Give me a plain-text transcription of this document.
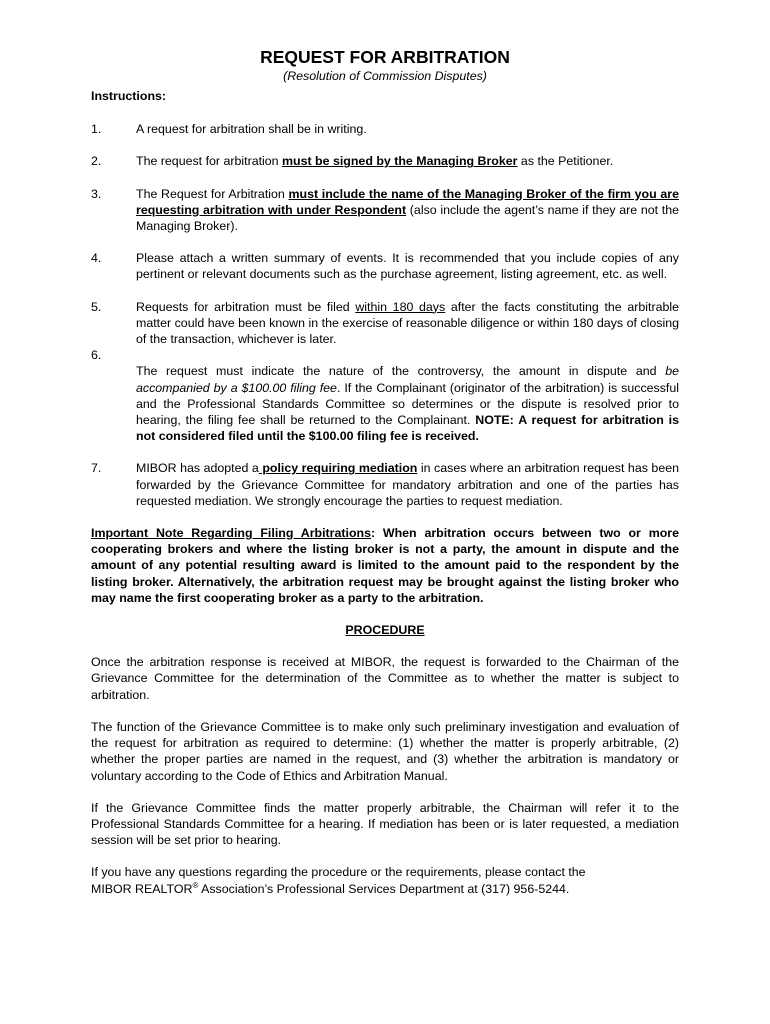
REQUEST FOR ARBITRATION
(Resolution of Commission Disputes)
Instructions:
1.	A request for arbitration shall be in writing.
2.	The request for arbitration must be signed by the Managing Broker as the Petitioner.
3.	The Request for Arbitration must include the name of the Managing Broker of the firm you are requesting arbitration with under Respondent (also include the agent’s name if they are not the Managing Broker).
4.	Please attach a written summary of events. It is recommended that you include copies of any pertinent or relevant documents such as the purchase agreement, listing agreement, etc. as well.
5.	Requests for arbitration must be filed within 180 days after the facts constituting the arbitrable matter could have been known in the exercise of reasonable diligence or within 180 days of closing of the transaction, whichever is later.
6.

The request must indicate the nature of the controversy, the amount in dispute and be accompanied by a $100.00 filing fee. If the Complainant (originator of the arbitration) is successful and the Professional Standards Committee so determines or the dispute is resolved prior to hearing, the filing fee shall be returned to the Complainant. NOTE: A request for arbitration is not considered filed until the $100.00 filing fee is received.
7.	MIBOR has adopted a policy requiring mediation in cases where an arbitration request has been forwarded by the Grievance Committee for mandatory arbitration and one of the parties has requested mediation. We strongly encourage the parties to request mediation.
Important Note Regarding Filing Arbitrations: When arbitration occurs between two or more cooperating brokers and where the listing broker is not a party, the amount in dispute and the amount of any potential resulting award is limited to the amount paid to the respondent by the listing broker. Alternatively, the arbitration request may be brought against the listing broker who may name the first cooperating broker as a party to the arbitration.
PROCEDURE

Once the arbitration response is received at MIBOR, the request is forwarded to the Chairman of the Grievance Committee for the determination of the Committee as to whether the matter is subject to arbitration.

The function of the Grievance Committee is to make only such preliminary investigation and evaluation of the request for arbitration as required to determine: (1) whether the matter is properly arbitrable, (2) whether the proper parties are named in the request, and (3) whether the arbitration is mandatory or voluntary according to the Code of Ethics and Arbitration Manual.

If the Grievance Committee finds the matter properly arbitrable, the Chairman will refer it to the Professional Standards Committee for a hearing. If mediation has been or is later requested, a mediation session will be set prior to hearing.

If you have any questions regarding the procedure or the requirements, please contact the
MIBOR REALTOR® Association’s Professional Services Department at (317) 956-5244.
